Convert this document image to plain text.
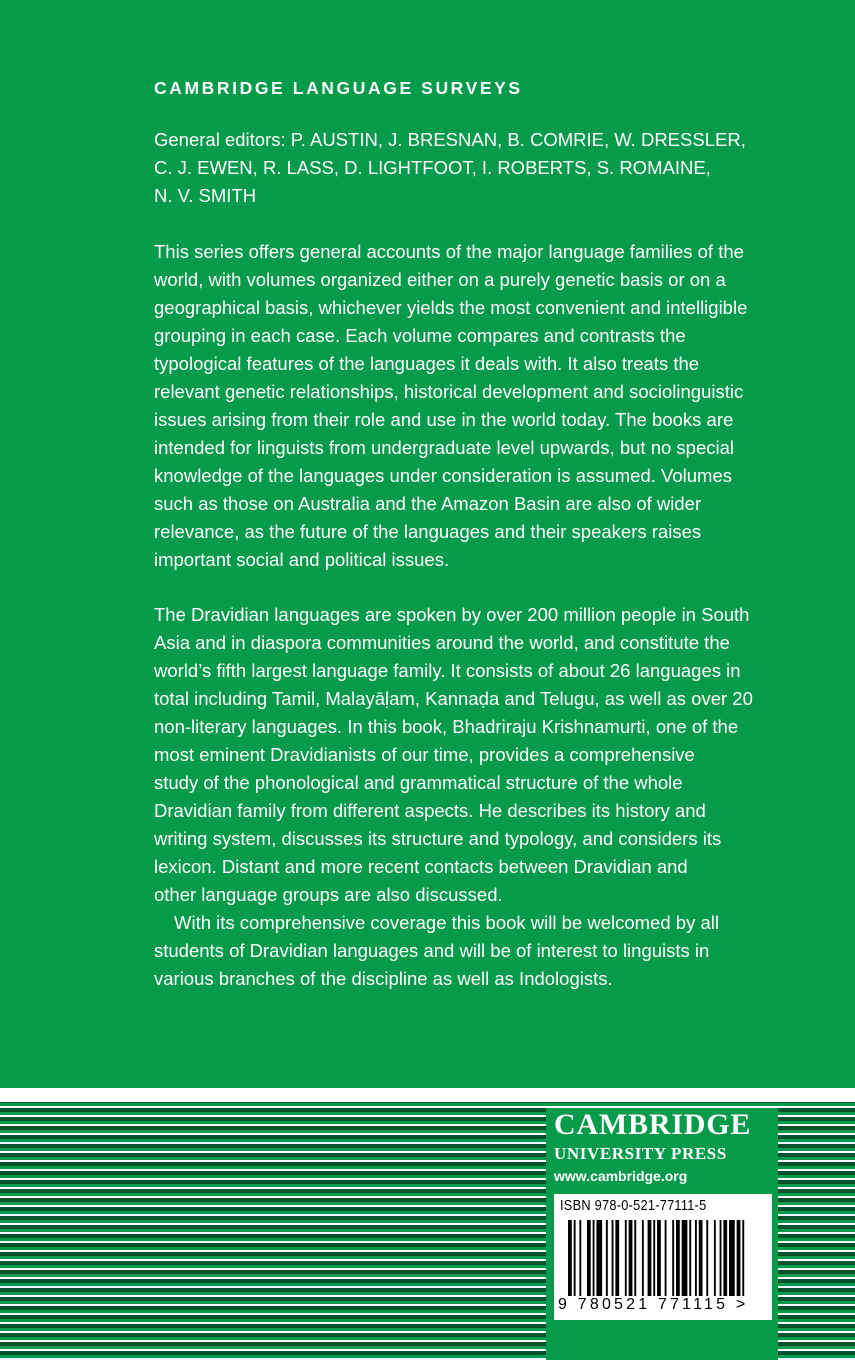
CAMBRIDGE LANGUAGE SURVEYS

General editors: P. AUSTIN, J. BRESNAN, B. COMRIE, W. DRESSLER,

C. J. EWEN, R. LASS, D. LIGHTFOOT, I. ROBERTS, S. ROMAINE,

N. V. SMITH

This series offers general accounts of the major language families of the

world, with volumes organized either on a purely genetic basis or on a

geographical basis, whichever yields the most convenient and intelligible

grouping in each case. Each volume compares and contrasts the

typological features of the languages it deals with. It also treats the

relevant genetic relationships, historical development and sociolinguistic

issues arising from their role and use in the world today. The books are

intended for linguists from undergraduate level upwards, but no special

knowledge of the languages under consideration is assumed. Volumes

such as those on Australia and the Amazon Basin are also of wider

relevance, as the future of the languages and their speakers raises

important social and political issues.

The Dravidian languages are spoken by over 200 million people in South

Asia and in diaspora communities around the world, and constitute the

world’s fifth largest language family. It consists of about 26 languages in

total including Tamil, Malayāḷam, Kannaḍa and Telugu, as well as over 20

non-literary languages. In this book, Bhadriraju Krishnamurti, one of the

most eminent Dravidianists of our time, provides a comprehensive

study of the phonological and grammatical structure of the whole

Dravidian family from different aspects. He describes its history and

writing system, discusses its structure and typology, and considers its

lexicon. Distant and more recent contacts between Dravidian and

other language groups are also discussed.

With its comprehensive coverage this book will be welcomed by all

students of Dravidian languages and will be of interest to linguists in

various branches of the discipline as well as Indologists.

CAMBRIDGE

UNIVERSITY PRESS

www.cambridge.org

ISBN 978-0-521-77111-5
9 780521 771115 >
